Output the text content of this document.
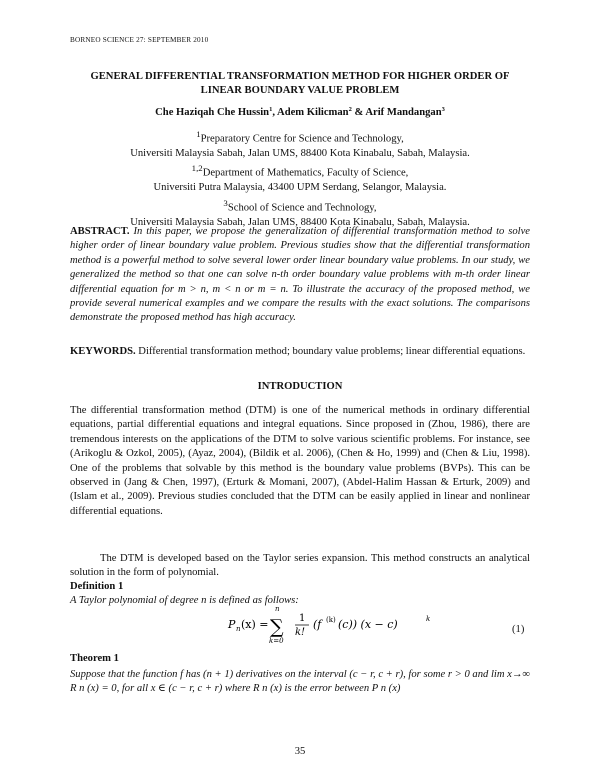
BORNEO SCIENCE 27: SEPTEMBER 2010
GENERAL DIFFERENTIAL TRANSFORMATION METHOD FOR HIGHER ORDER OF LINEAR BOUNDARY VALUE PROBLEM
Che Haziqah Che Hussin$^1$, Adem Kilicman$^2$ & Arif Mandangan$^3$
$^1$Preparatory Centre for Science and Technology,
Universiti Malaysia Sabah, Jalan UMS, 88400 Kota Kinabalu, Sabah, Malaysia.
$^{1,2}$Department of Mathematics, Faculty of Science,
Universiti Putra Malaysia, 43400 UPM Serdang, Selangor, Malaysia.
$^3$School of Science and Technology,
Universiti Malaysia Sabah, Jalan UMS, 88400 Kota Kinabalu, Sabah, Malaysia.
ABSTRACT. In this paper, we propose the generalization of differential transformation method to solve higher order of linear boundary value problem. Previous studies show that the differential transformation method is a powerful method to solve several lower order linear boundary value problems. In our study, we generalized the method so that one can solve n-th order boundary value problems with m-th order linear differential equation for m > n, m < n or m = n. To illustrate the accuracy of the proposed method, we provide several numerical examples and we compare the results with the exact solutions. The comparisons demonstrate the proposed method has high accuracy.
KEYWORDS. Differential transformation method; boundary value problems; linear differential equations.
INTRODUCTION
The differential transformation method (DTM) is one of the numerical methods in ordinary differential equations, partial differential equations and integral equations. Since proposed in (Zhou, 1986), there are tremendous interests on the applications of the DTM to solve various scientific problems. For instance, see (Arikoglu & Ozkol, 2005), (Ayaz, 2004), (Bildik et al. 2006), (Chen & Ho, 1999) and (Chen & Liu, 1998). One of the problems that solvable by this method is the boundary value problems (BVPs). This can be observed in (Jang & Chen, 1997), (Erturk & Momani, 2007), (Abdel-Halim Hassan & Erturk, 2009) and (Islam et al., 2009). Previous studies concluded that the DTM can be easily applied in linear and nonlinear differential equations.
The DTM is developed based on the Taylor series expansion. This method constructs an analytical solution in the form of polynomial.
Definition 1
A Taylor polynomial of degree n is defined as follows:
P n (x) =
n
∑
k=0
1
k!
(f (k) (c)) (x − c)	k
(1)
Theorem 1
Suppose that the function f has (n + 1) derivatives on the interval (c − r, c + r), for some r > 0 and lim x→∞ R n (x) = 0, for all x ∈ (c − r, c + r) where R n (x) is the error between P n (x)
35
